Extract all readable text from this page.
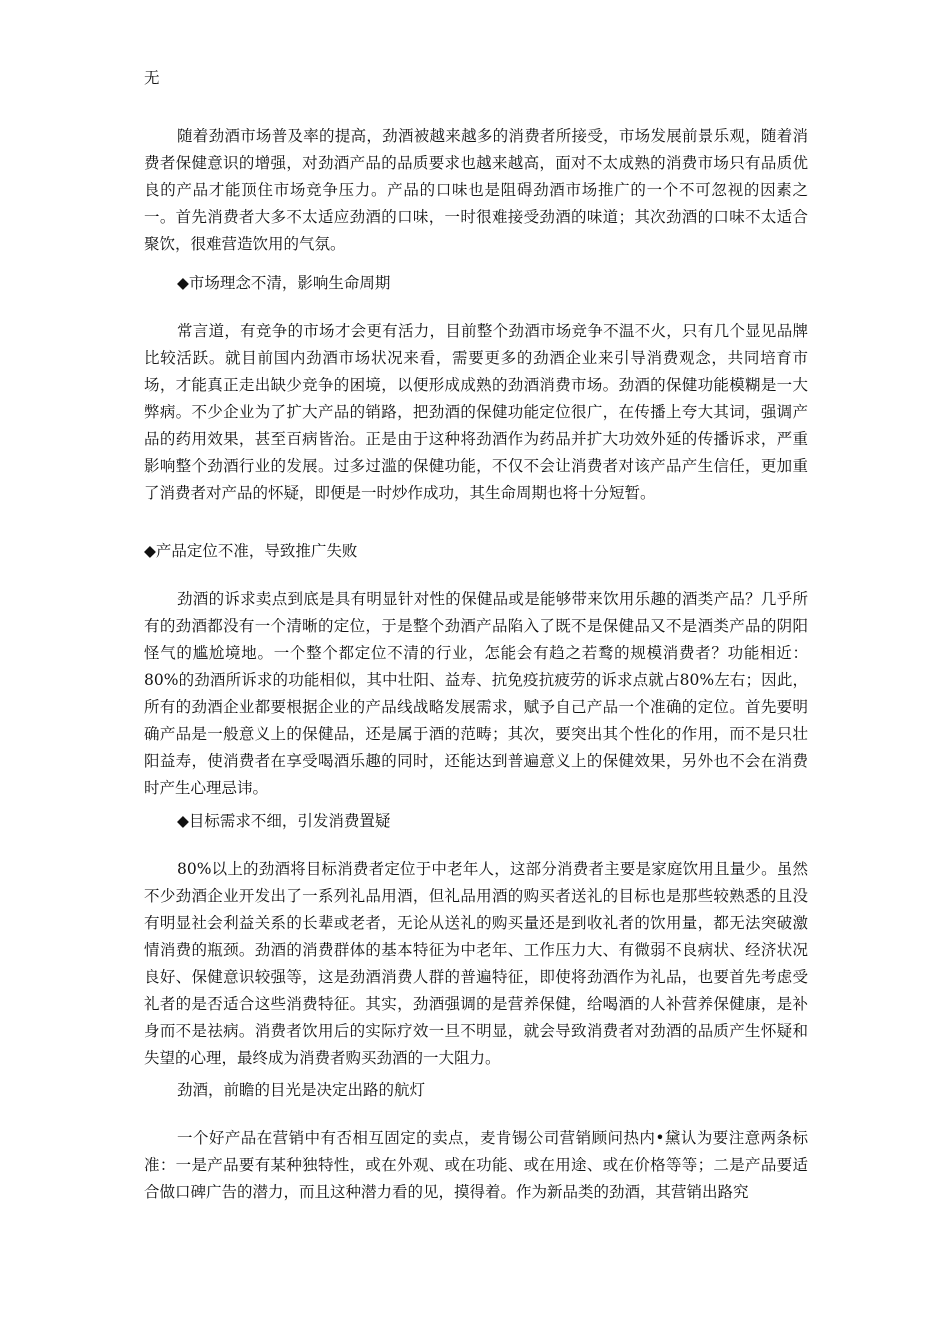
无

随着劲酒市场普及率的提高，劲酒被越来越多的消费者所接受，市场发展前景乐观，随着消费者保健意识的增强，对劲酒产品的品质要求也越来越高，面对不太成熟的消费市场只有品质优良的产品才能顶住市场竞争压力。产品的口味也是阻碍劲酒市场推广的一个不可忽视的因素之一。首先消费者大多不太适应劲酒的口味，一时很难接受劲酒的味道；其次劲酒的口味不太适合聚饮，很难营造饮用的气氛。

◆市场理念不清，影响生命周期

常言道，有竞争的市场才会更有活力，目前整个劲酒市场竞争不温不火，只有几个显见品牌比较活跃。就目前国内劲酒市场状况来看，需要更多的劲酒企业来引导消费观念，共同培育市场，才能真正走出缺少竞争的困境，以便形成成熟的劲酒消费市场。劲酒的保健功能模糊是一大弊病。不少企业为了扩大产品的销路，把劲酒的保健功能定位很广，在传播上夸大其词，强调产品的药用效果，甚至百病皆治。正是由于这种将劲酒作为药品并扩大功效外延的传播诉求，严重影响整个劲酒行业的发展。过多过滥的保健功能，不仅不会让消费者对该产品产生信任，更加重了消费者对产品的怀疑，即便是一时炒作成功，其生命周期也将十分短暂。

◆产品定位不准，导致推广失败

劲酒的诉求卖点到底是具有明显针对性的保健品或是能够带来饮用乐趣的酒类产品？几乎所有的劲酒都没有一个清晰的定位，于是整个劲酒产品陷入了既不是保健品又不是酒类产品的阴阳怪气的尴尬境地。一个整个都定位不清的行业，怎能会有趋之若鹜的规模消费者？功能相近：80%的劲酒所诉求的功能相似，其中壮阳、益寿、抗免疫抗疲劳的诉求点就占80%左右；因此，所有的劲酒企业都要根据企业的产品线战略发展需求，赋予自己产品一个准确的定位。首先要明确产品是一般意义上的保健品，还是属于酒的范畴；其次，要突出其个性化的作用，而不是只壮阳益寿，使消费者在享受喝酒乐趣的同时，还能达到普遍意义上的保健效果，另外也不会在消费时产生心理忌讳。

◆目标需求不细，引发消费置疑

80%以上的劲酒将目标消费者定位于中老年人，这部分消费者主要是家庭饮用且量少。虽然不少劲酒企业开发出了一系列礼品用酒，但礼品用酒的购买者送礼的目标也是那些较熟悉的且没有明显社会利益关系的长辈或老者，无论从送礼的购买量还是到收礼者的饮用量，都无法突破激情消费的瓶颈。劲酒的消费群体的基本特征为中老年、工作压力大、有微弱不良病状、经济状况良好、保健意识较强等，这是劲酒消费人群的普遍特征，即使将劲酒作为礼品，也要首先考虑受礼者的是否适合这些消费特征。其实，劲酒强调的是营养保健，给喝酒的人补营养保健康，是补身而不是祛病。消费者饮用后的实际疗效一旦不明显，就会导致消费者对劲酒的品质产生怀疑和失望的心理，最终成为消费者购买劲酒的一大阻力。

劲酒，前瞻的目光是决定出路的航灯

一个好产品在营销中有否相互固定的卖点，麦肯锡公司营销顾问热内•黛认为要注意两条标准：一是产品要有某种独特性，或在外观、或在功能、或在用途、或在价格等等；二是产品要适合做口碑广告的潜力，而且这种潜力看的见，摸得着。作为新品类的劲酒，其营销出路究
